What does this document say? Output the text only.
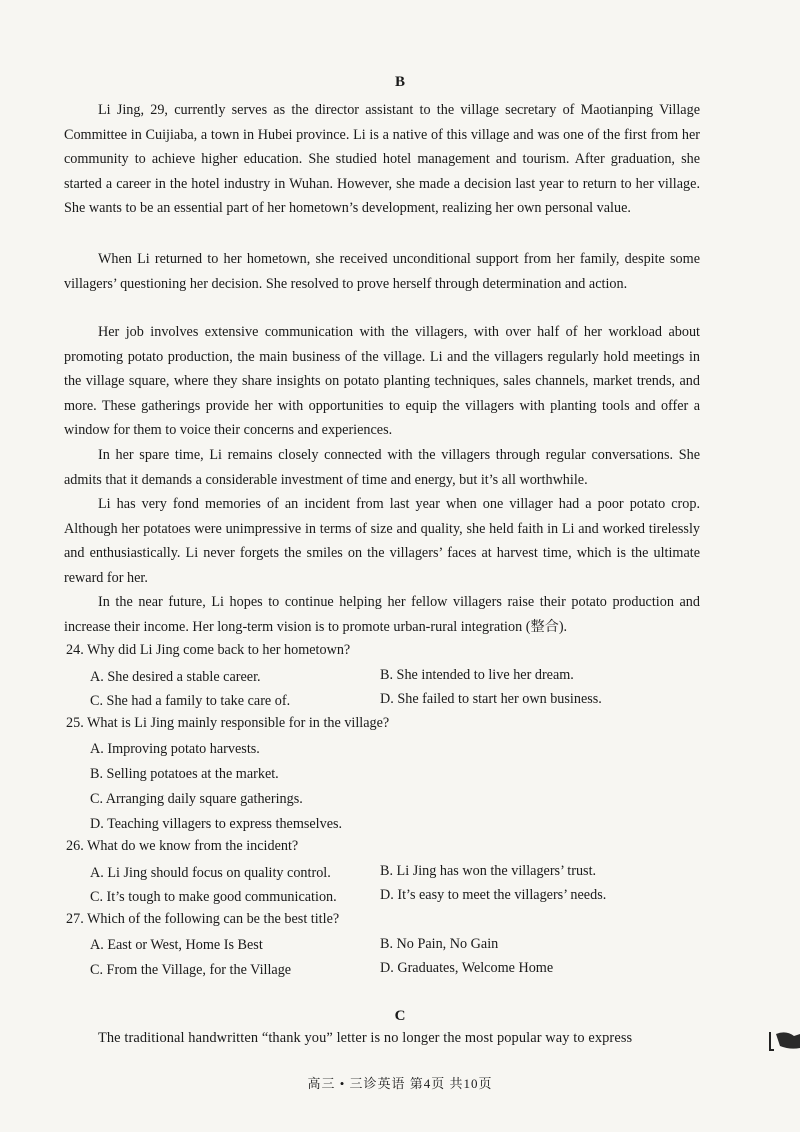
B

Li Jing, 29, currently serves as the director assistant to the village secretary of Maotianping Village Committee in Cuijiaba, a town in Hubei province. Li is a native of this village and was one of the first from her community to achieve higher education. She studied hotel management and tourism. After graduation, she started a career in the hotel industry in Wuhan. However, she made a decision last year to return to her village. She wants to be an essential part of her hometown’s development, realizing her own personal value.

When Li returned to her hometown, she received unconditional support from her family, despite some villagers’ questioning her decision. She resolved to prove herself through determination and action.

Her job involves extensive communication with the villagers, with over half of her workload about promoting potato production, the main business of the village. Li and the villagers regularly hold meetings in the village square, where they share insights on potato planting techniques, sales channels, market trends, and more. These gatherings provide her with opportunities to equip the villagers with planting tools and offer a window for them to voice their concerns and experiences.

In her spare time, Li remains closely connected with the villagers through regular conversations. She admits that it demands a considerable investment of time and energy, but it’s all worthwhile.

Li has very fond memories of an incident from last year when one villager had a poor potato crop. Although her potatoes were unimpressive in terms of size and quality, she held faith in Li and worked tirelessly and enthusiastically. Li never forgets the smiles on the villagers’ faces at harvest time, which is the ultimate reward for her.

In the near future, Li hopes to continue helping her fellow villagers raise their potato production and increase their income. Her long-term vision is to promote urban-rural integration (整合).

24. Why did Li Jing come back to her hometown?
A. She desired a stable career.	B. She intended to live her dream.
C. She had a family to take care of.	D. She failed to start her own business.
25. What is Li Jing mainly responsible for in the village?
A. Improving potato harvests.
B. Selling potatoes at the market.
C. Arranging daily square gatherings.
D. Teaching villagers to express themselves.
26. What do we know from the incident?
A. Li Jing should focus on quality control.	B. Li Jing has won the villagers’ trust.
C. It’s tough to make good communication.	D. It’s easy to meet the villagers’ needs.
27. Which of the following can be the best title?
A. East or West, Home Is Best	B. No Pain, No Gain
C. From the Village, for the Village	D. Graduates, Welcome Home
C
The traditional handwritten “thank you” letter is no longer the most popular way to express
高三 • 三诊英语 第4页 共10页
